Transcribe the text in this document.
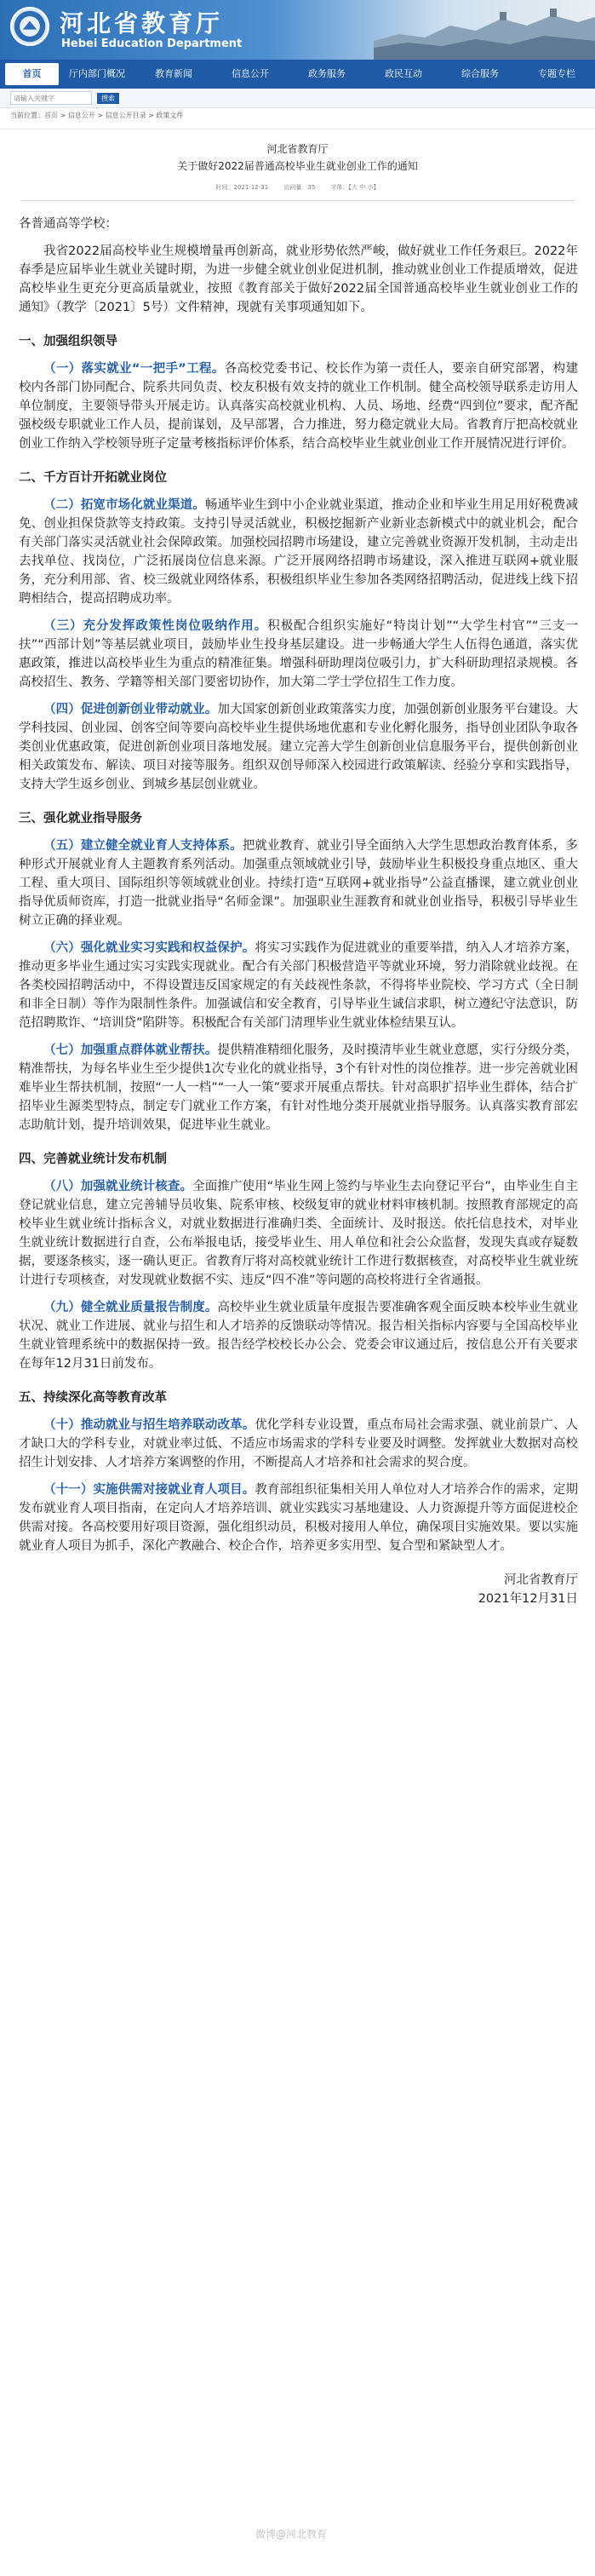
河北省教育厅
Hebei Education Department
首页	厅内部门概况	教育新闻	信息公开	政务服务	政民互动	综合服务	专题专栏
请输入关键字
搜索
当前位置：首页 > 信息公开 > 信息公开目录 > 政策文件
河北省教育厅
关于做好2022届普通高校毕业生就业创业工作的通知
时间：2021-12-31	访问量：35	字体：【大 中 小】
各普通高等学校：

我省2022届高校毕业生规模增量再创新高，就业形势依然严峻，做好就业工作任务艰巨。2022年春季是应届毕业生就业关键时期，为进一步健全就业创业促进机制，推动就业创业工作提质增效，促进高校毕业生更充分更高质量就业，按照《教育部关于做好2022届全国普通高校毕业生就业创业工作的通知》（教学〔2021〕5号）文件精神，现就有关事项通知如下。

一、加强组织领导

（一）落实就业“一把手”工程。各高校党委书记、校长作为第一责任人，要亲自研究部署，构建校内各部门协同配合、院系共同负责、校友积极有效支持的就业工作机制。健全高校领导联系走访用人单位制度，主要领导带头开展走访。认真落实高校就业机构、人员、场地、经费“四到位”要求，配齐配强校级专职就业工作人员，提前谋划，及早部署，合力推进，努力稳定就业大局。省教育厅把高校就业创业工作纳入学校领导班子定量考核指标评价体系，结合高校毕业生就业创业工作开展情况进行评价。

二、千方百计开拓就业岗位

（二）拓宽市场化就业渠道。畅通毕业生到中小企业就业渠道，推动企业和毕业生用足用好税费减免、创业担保贷款等支持政策。支持引导灵活就业，积极挖掘新产业新业态新模式中的就业机会，配合有关部门落实灵活就业社会保障政策。加强校园招聘市场建设，建立完善就业资源开发机制，主动走出去找单位、找岗位，广泛拓展岗位信息来源。广泛开展网络招聘市场建设，深入推进互联网+就业服务，充分利用部、省、校三级就业网络体系，积极组织毕业生参加各类网络招聘活动，促进线上线下招聘相结合，提高招聘成功率。

（三）充分发挥政策性岗位吸纳作用。积极配合组织实施好“特岗计划”“大学生村官”“三支一扶”“西部计划”等基层就业项目，鼓励毕业生投身基层建设。进一步畅通大学生人伍得色通道，落实优惠政策，推进以高校毕业生为重点的精准征集。增强科研助理岗位吸引力，扩大科研助理招录规模。各高校招生、教务、学籍等相关部门要密切协作，加大第二学士学位招生工作力度。

（四）促进创新创业带动就业。加大国家创新创业政策落实力度，加强创新创业服务平台建设。大学科技园、创业园、创客空间等要向高校毕业生提供场地优惠和专业化孵化服务，指导创业团队争取各类创业优惠政策，促进创新创业项目落地发展。建立完善大学生创新创业信息服务平台，提供创新创业相关政策发布、解读、项目对接等服务。组织双创导师深入校园进行政策解读、经验分享和实践指导，支持大学生返乡创业、到城乡基层创业就业。

三、强化就业指导服务

（五）建立健全就业育人支持体系。把就业教育、就业引导全面纳入大学生思想政治教育体系，多种形式开展就业育人主题教育系列活动。加强重点领域就业引导，鼓励毕业生积极投身重点地区、重大工程、重大项目、国际组织等领域就业创业。持续打造“互联网+就业指导”公益直播课，建立就业创业指导优质师资库，打造一批就业指导“名师金课”。加强职业生涯教育和就业创业指导，积极引导毕业生树立正确的择业观。

（六）强化就业实习实践和权益保护。将实习实践作为促进就业的重要举措，纳入人才培养方案，推动更多毕业生通过实习实践实现就业。配合有关部门积极营造平等就业环境，努力消除就业歧视。在各类校园招聘活动中，不得设置违反国家规定的有关歧视性条款，不得将毕业院校、学习方式（全日制和非全日制）等作为限制性条件。加强诚信和安全教育，引导毕业生诚信求职，树立遵纪守法意识，防范招聘欺诈、“培训贷”陷阱等。积极配合有关部门清理毕业生就业体检结果互认。

（七）加强重点群体就业帮扶。提供精准精细化服务，及时摸清毕业生就业意愿，实行分级分类，精准帮扶，为每名毕业生至少提供1次专业化的就业指导，3个有针对性的岗位推荐。进一步完善就业困难毕业生帮扶机制，按照“一人一档”“一人一策”要求开展重点帮扶。针对高职扩招毕业生群体，结合扩招毕业生源类型特点，制定专门就业工作方案，有针对性地分类开展就业指导服务。认真落实教育部宏志助航计划，提升培训效果，促进毕业生就业。

四、完善就业统计发布机制

（八）加强就业统计核查。全面推广使用“毕业生网上签约与毕业生去向登记平台”，由毕业生自主登记就业信息，建立完善辅导员收集、院系审核、校级复审的就业材料审核机制。按照教育部规定的高校毕业生就业统计指标含义，对就业数据进行准确归类、全面统计、及时报送。依托信息技术，对毕业生就业统计数据进行自查，公布举报电话，接受毕业生、用人单位和社会公众监督，发现失真或存疑数据，要逐条核实，逐一确认更正。省教育厅将对高校就业统计工作进行数据核查，对高校毕业生就业统计进行专项核查，对发现就业数据不实、违反“四不准”等问题的高校将进行全省通报。

（九）健全就业质量报告制度。高校毕业生就业质量年度报告要准确客观全面反映本校毕业生就业状况、就业工作进展、就业与招生和人才培养的反馈联动等情况。报告相关指标内容要与全国高校毕业生就业管理系统中的数据保持一致。报告经学校校长办公会、党委会审议通过后，按信息公开有关要求在每年12月31日前发布。

五、持续深化高等教育改革

（十）推动就业与招生培养联动改革。优化学科专业设置，重点布局社会需求强、就业前景广、人才缺口大的学科专业，对就业率过低、不适应市场需求的学科专业要及时调整。发挥就业大数据对高校招生计划安排、人才培养方案调整的作用，不断提高人才培养和社会需求的契合度。

（十一）实施供需对接就业育人项目。教育部组织征集相关用人单位对人才培养合作的需求，定期发布就业育人项目指南，在定向人才培养培训、就业实践实习基地建设、人力资源提升等方面促进校企供需对接。各高校要用好项目资源，强化组织动员，积极对接用人单位，确保项目实施效果。要以实施就业育人项目为抓手，深化产教融合、校企合作，培养更多实用型、复合型和紧缺型人才。

河北省教育厅
2021年12月31日
微博@河北教育
